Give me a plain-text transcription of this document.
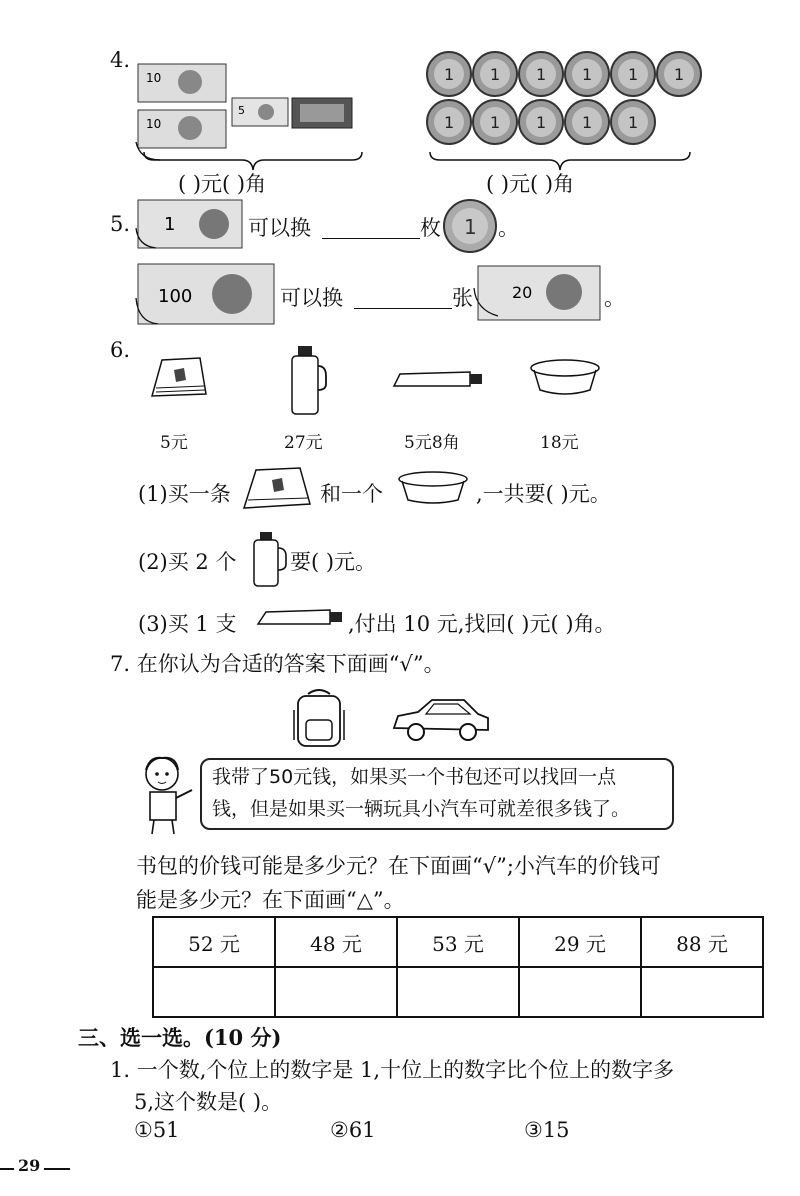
4.
10
10
5
( )元( )角
1 1 1 1 1 1
1 1 1 1 1
( )元( )角
5. 1	可以换	枚 1 。
100	可以换	张 20	。
6.
5元	27元	5元8角	18元
(1)买一条	和一个	,一共要( )元。
(2)买 2 个	要( )元。
(3)买 1 支	,付出 10 元,找回( )元( )角。
7. 在你认为合适的答案下面画“√”。

我带了50元钱，如果买一个书包还可以找回一点

钱，但是如果买一辆玩具小汽车可就差很多钱了。

书包的价钱可能是多少元？在下面画“√”;小汽车的价钱可
能是多少元？在下面画“△”。
52 元	48 元	53 元	29 元	88 元

三、选一选。(10 分)
1. 一个数,个位上的数字是 1,十位上的数字比个位上的数字多
5,这个数是( )。
①51	②61	③15
29
